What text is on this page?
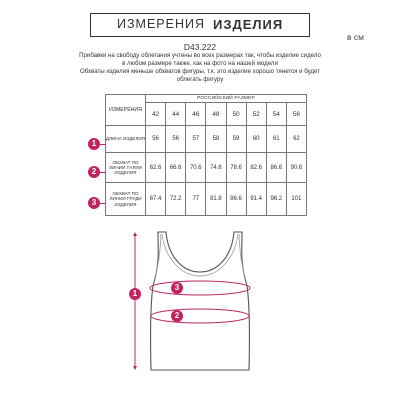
ИЗМЕРЕНИЯ ИЗДЕЛИЯ
в см
D43.222

Прибавки на свободу облегания учтены во всех размерах так, чтобы изделие сидело в любом размере также, как на фото на нашей модели

Обхваты изделия меньше обхватов фигуры, т.к. это изделие хорошо тянется и будет облегать фигуру

ИЗМЕРЕНИЯ	РОССИЙСКИЙ РАЗМЕР							
	42	44	46	48	50	52	54	56
ДЛИНА ИЗДЕЛИЯ	56	56	57	58	59	60	61	62
ОБХВАТ ПО ЛИНИИ ТАЛИИ ИЗДЕЛИЯ	62.6	66.6	70.6	74.6	78.6	82.6	86.6	90.6
ОБХВАТ ПО ЛИНИИ ГРУДИ ИЗДЕЛИЯ	67.4	72.2	77	81.8	86.6	91.4	96.2	101
1
2
3
1
3
2
